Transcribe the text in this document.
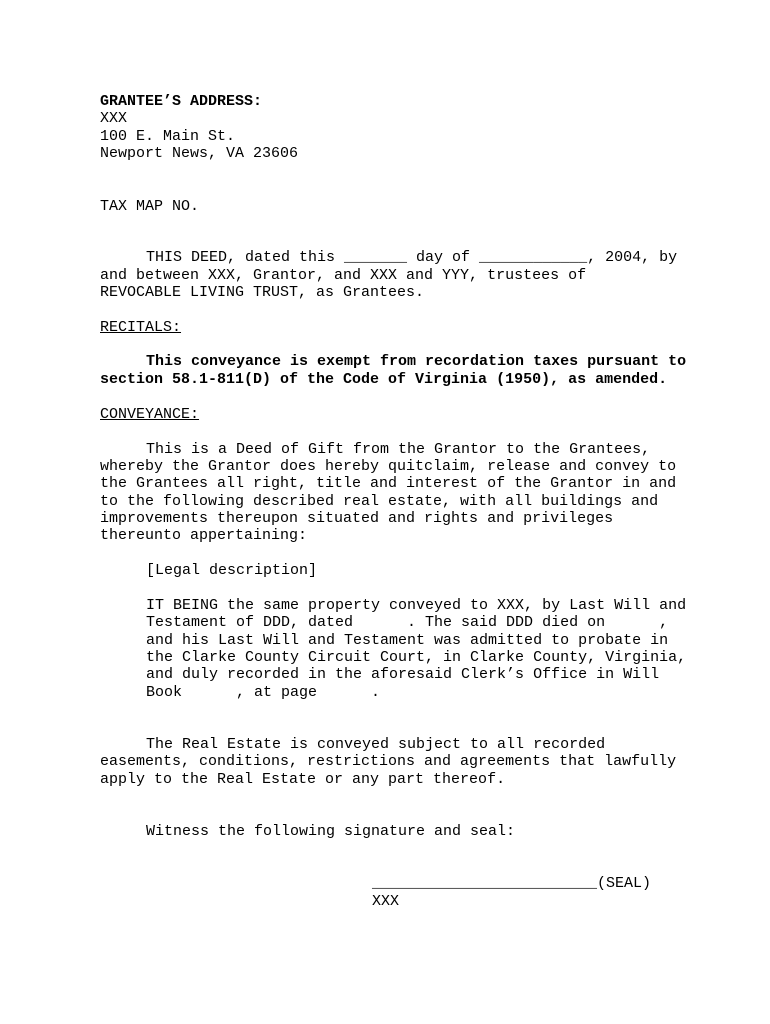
GRANTEE’S ADDRESS:
XXX
100 E. Main St.
Newport News, VA 23606
TAX MAP NO.
THIS DEED, dated this _______ day of ____________, 2004, by
and between XXX, Grantor, and XXX and YYY, trustees of
REVOCABLE LIVING TRUST, as Grantees.
RECITALS:
This conveyance is exempt from recordation taxes pursuant to
section 58.1-811(D) of the Code of Virginia (1950), as amended.
CONVEYANCE:
This is a Deed of Gift from the Grantor to the Grantees,
whereby the Grantor does hereby quitclaim, release and convey to
the Grantees all right, title and interest of the Grantor in and
to the following described real estate, with all buildings and
improvements thereupon situated and rights and privileges
thereunto appertaining:
[Legal description]
IT BEING the same property conveyed to XXX, by Last Will and
Testament of DDD, dated      . The said DDD died on      ,
and his Last Will and Testament was admitted to probate in
the Clarke County Circuit Court, in Clarke County, Virginia,
and duly recorded in the aforesaid Clerk’s Office in Will
Book      , at page      .
The Real Estate is conveyed subject to all recorded
easements, conditions, restrictions and agreements that lawfully
apply to the Real Estate or any part thereof.
Witness the following signature and seal:
_________________________(SEAL)
XXX
